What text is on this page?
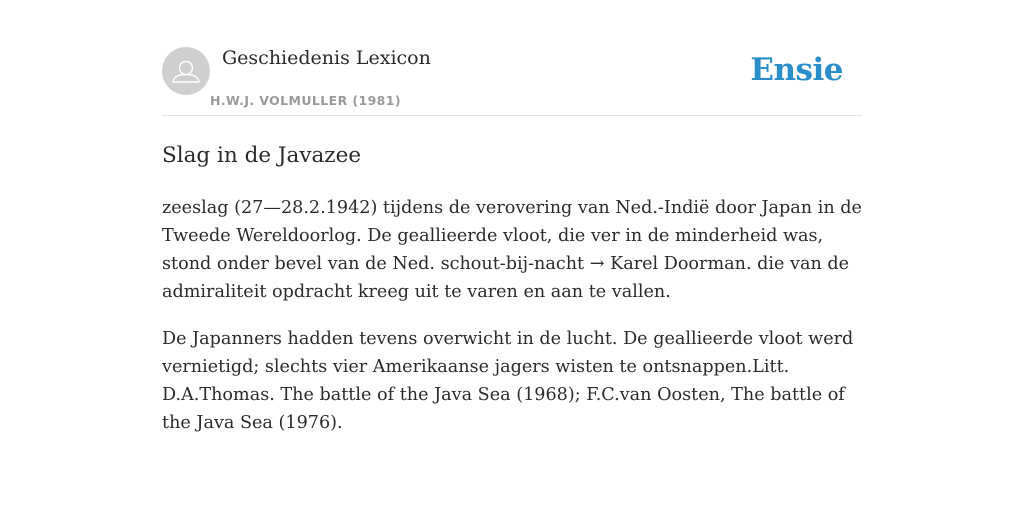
Geschiedenis Lexicon
H.W.J. VOLMULLER (1981)
Ensie
Slag in de Javazee

zeeslag (27—28.2.1942) tijdens de verovering van Ned.-Indië door Japan in de Tweede Wereldoorlog. De geallieerde vloot, die ver in de minderheid was, stond onder bevel van de Ned. schout-bij-nacht → Karel Doorman. die van de admiraliteit opdracht kreeg uit te varen en aan te vallen.

De Japanners hadden tevens overwicht in de lucht. De geallieerde vloot werd vernietigd; slechts vier Amerikaanse jagers wisten te ontsnappen.Litt. D.A.Thomas. The battle of the Java Sea (1968); F.C.van Oosten, The battle of the Java Sea (1976).
